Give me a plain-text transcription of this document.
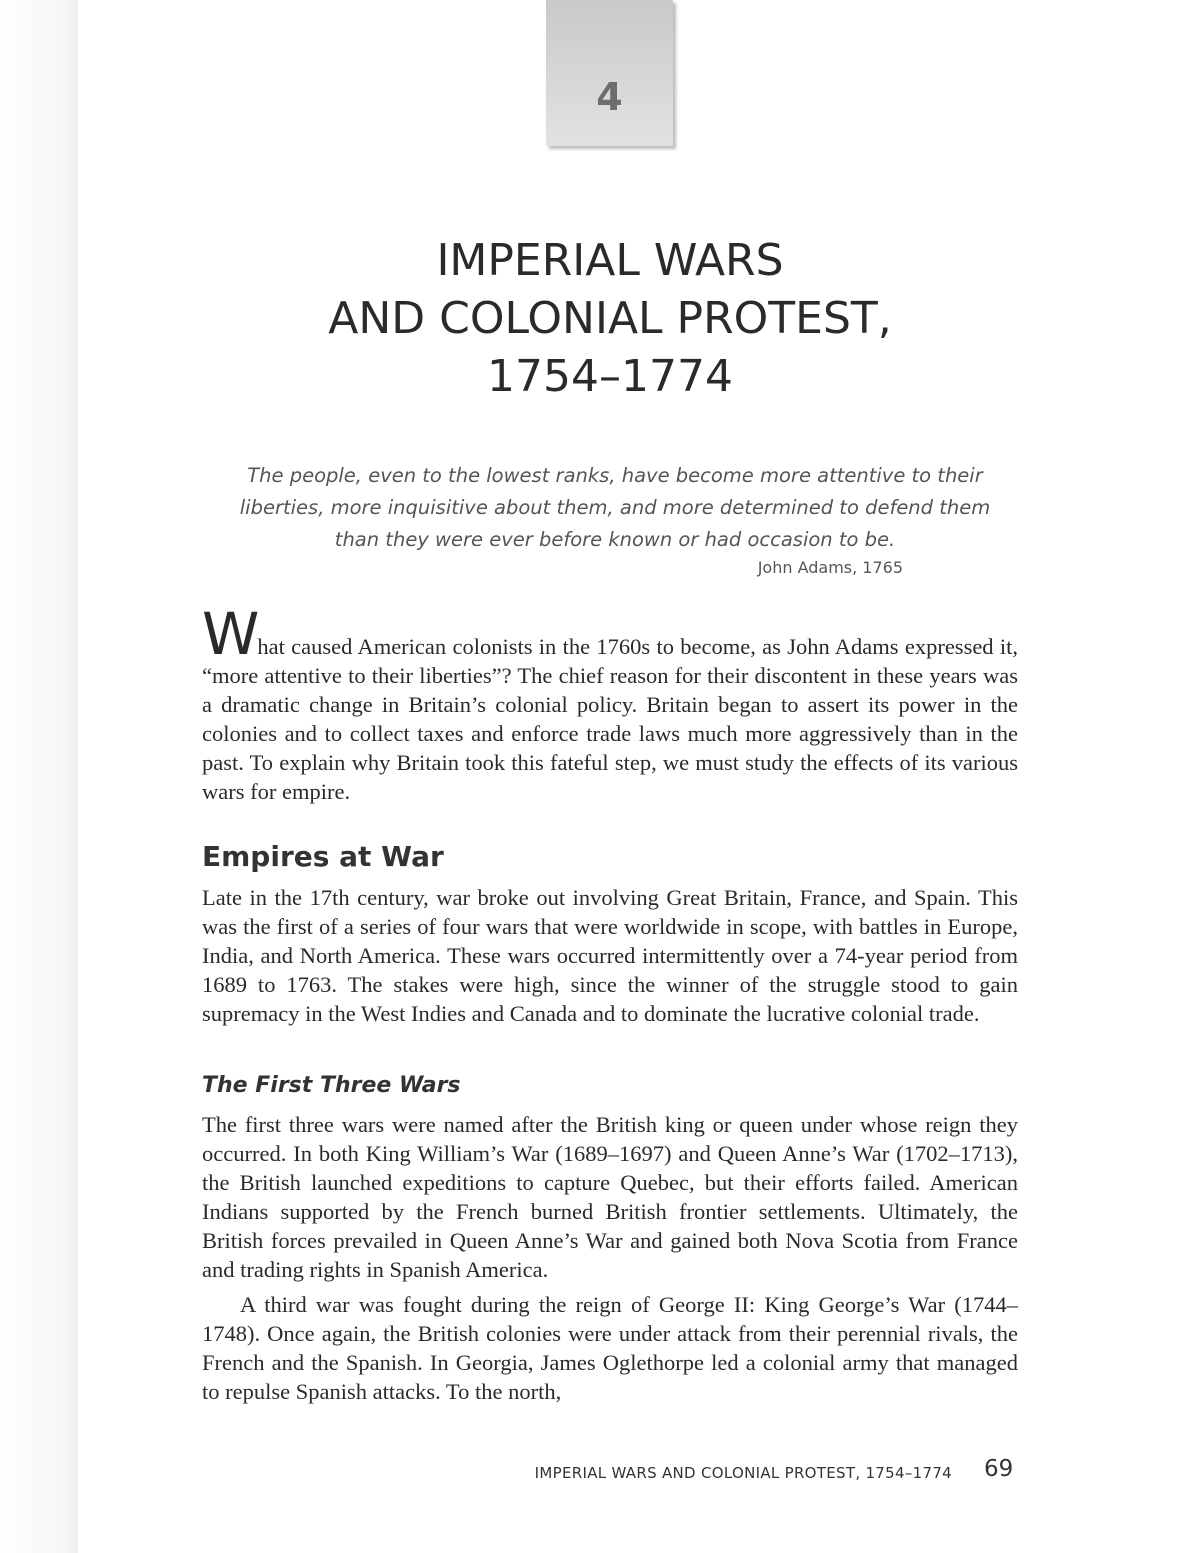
4
IMPERIAL WARS
AND COLONIAL PROTEST,
1754–1774
The people, even to the lowest ranks, have become more attentive to their
liberties, more inquisitive about them, and more determined to defend them
than they were ever before known or had occasion to be.
John Adams, 1765

What caused American colonists in the 1760s to become, as John Adams expressed it, “more attentive to their liberties”? The chief reason for their discontent in these years was a dramatic change in Britain’s colonial policy. Britain began to assert its power in the colonies and to collect taxes and enforce trade laws much more aggressively than in the past. To explain why Britain took this fateful step, we must study the effects of its various wars for empire.

Empires at War

Late in the 17th century, war broke out involving Great Britain, France, and Spain. This was the first of a series of four wars that were worldwide in scope, with battles in Europe, India, and North America. These wars occurred intermittently over a 74-year period from 1689 to 1763. The stakes were high, since the winner of the struggle stood to gain supremacy in the West Indies and Canada and to dominate the lucrative colonial trade.

The First Three Wars

The first three wars were named after the British king or queen under whose reign they occurred. In both King William’s War (1689–1697) and Queen Anne’s War (1702–1713), the British launched expeditions to capture Quebec, but their efforts failed. American Indians supported by the French burned British frontier settlements. Ultimately, the British forces prevailed in Queen Anne’s War and gained both Nova Scotia from France and trading rights in Spanish America.

A third war was fought during the reign of George II: King George’s War (1744–1748). Once again, the British colonies were under attack from their perennial rivals, the French and the Spanish. In Georgia, James Oglethorpe led a colonial army that managed to repulse Spanish attacks. To the north,

IMPERIAL WARS AND COLONIAL PROTEST, 1754–1774 69
